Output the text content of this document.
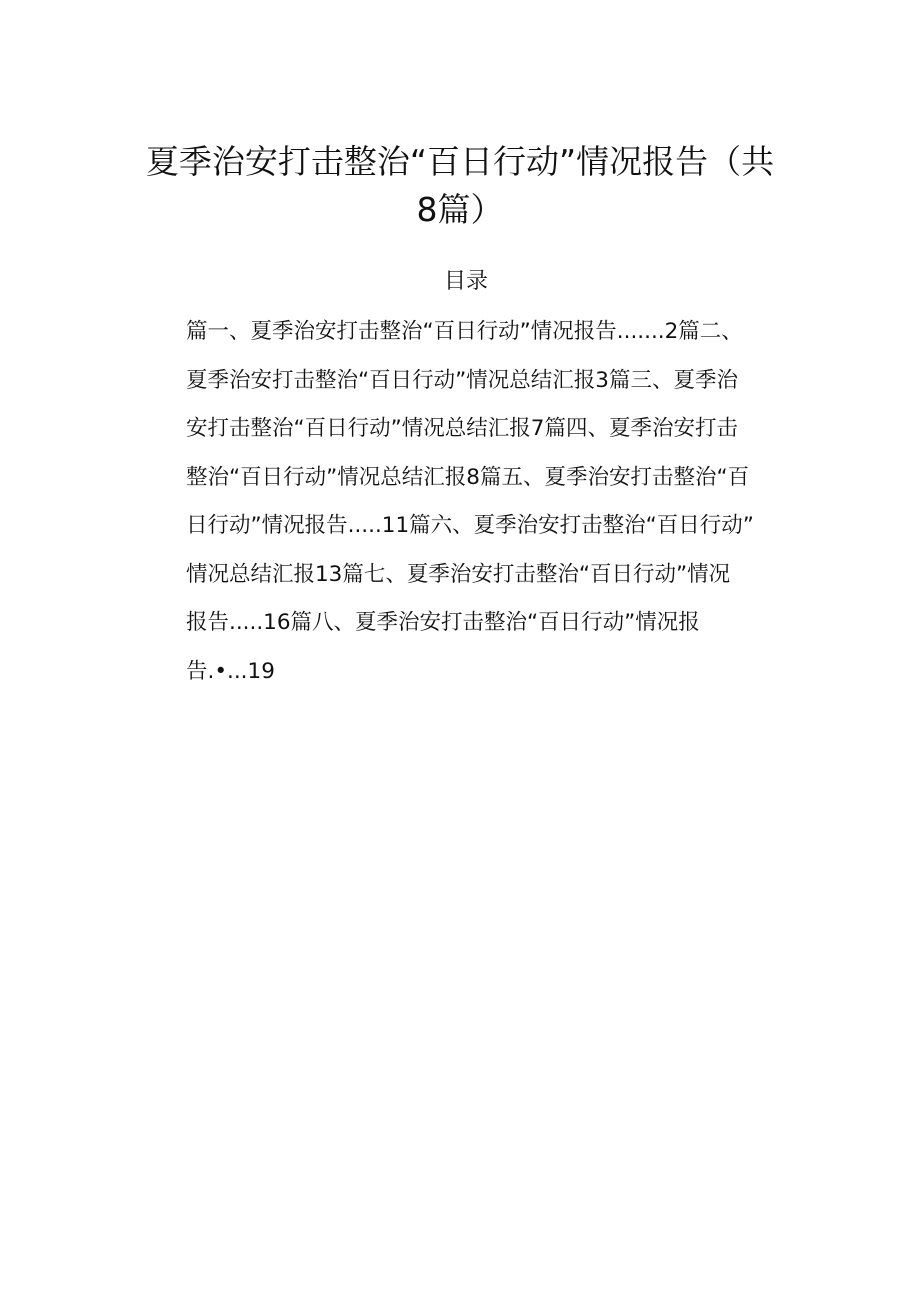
夏季治安打击整治“百日行动”情况报告（共
8篇）
目录
篇一、夏季治安打击整治“百日行动”情况报告.......2篇二、
夏季治安打击整治“百日行动”情况总结汇报3篇三、夏季治
安打击整治“百日行动”情况总结汇报7篇四、夏季治安打击
整治“百日行动”情况总结汇报8篇五、夏季治安打击整治“百
日行动”情况报告.....11篇六、夏季治安打击整治“百日行动”
情况总结汇报13篇七、夏季治安打击整治“百日行动”情况
报告.....16篇八、夏季治安打击整治“百日行动”情况报
告.•...19
